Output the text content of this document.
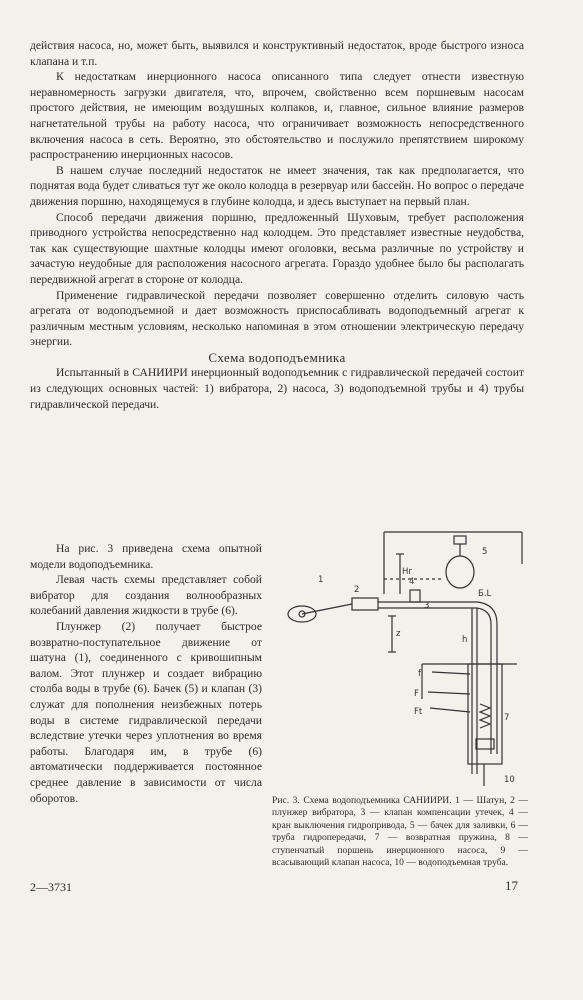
действия насоса, но, может быть, выявился и конструктивный недостаток, вроде быстрого износа клапана и т.п.

К недостаткам инерционного насоса описанного типа следует отнести известную неравномерность загрузки двигателя, что, впрочем, свойственно всем поршневым насосам простого действия, не имеющим воздушных колпаков, и, главное, сильное влияние размеров нагнетательной трубы на работу насоса, что ограничивает возможность непосредственного включения насоса в сеть. Вероятно, это обстоятельство и послужило препятствием широкому распространению инерционных насосов.

В нашем случае последний недостаток не имеет значения, так как предполагается, что поднятая вода будет сливаться тут же около колодца в резервуар или бассейн. Но вопрос о передаче движения поршню, находящемуся в глубине колодца, и здесь выступает на первый план.

Способ передачи движения поршню, предложенный Шуховым, требует расположения приводного устройства непосредственно над колодцем. Это представляет известные неудобства, так как существующие шахтные колодцы имеют оголовки, весьма различные по устройству и зачастую неудобные для расположения насосного агрегата. Гораздо удобнее было бы располагать передвижной агрегат в стороне от колодца.

Применение гидравлической передачи позволяет совершенно отделить силовую часть агрегата от водоподъемной и дает возможность приспосабливать водоподъемный агрегат к различным местным условиям, несколько напоминая в этом отношении электрическую передачу энергии.

Схема водоподъемника

Испытанный в САНИИРИ инерционный водоподъемник с гидравлической передачей состоит из следующих основных частей: 1) вибратора, 2) насоса, 3) водоподъемной трубы и 4) трубы гидравлической передачи.

На рис. 3 приведена схема опытной модели водоподъемника.

Левая часть схемы представляет собой вибратор для создания волнообразных колебаний давления жидкости в трубе (6).

Плунжер (2) получает быстрое возвратно-поступательное движение от шатуна (1), соединенного с кривошипным валом. Этот плунжер и создает вибрацию столба воды в трубе (6). Бачек (5) и клапан (3) служат для пополнения неизбежных потерь воды в системе гидравлической передачи вследствие утечки через уплотнения во время работы. Благодаря им, в трубе (6) автоматически поддерживается постоянное среднее давление в зависимости от числа оборотов.

1
2
3
4
5
7
10
Hr
z
Б.L
h
f
F
Ft
Рис. 3. Схема водоподъемника САНИИРИ. 1 — Шатун, 2 — плунжер вибратора, 3 — клапан компенсации утечек, 4 — кран выключения гидропривода, 5 — бачек для заливки, 6 — труба гидропередачи, 7 — возвратная пружина, 8 — ступенчатый поршень инерционного насоса, 9 — всасывающий клапан насоса, 10 — водоподъемная труба.
2—3731	17
